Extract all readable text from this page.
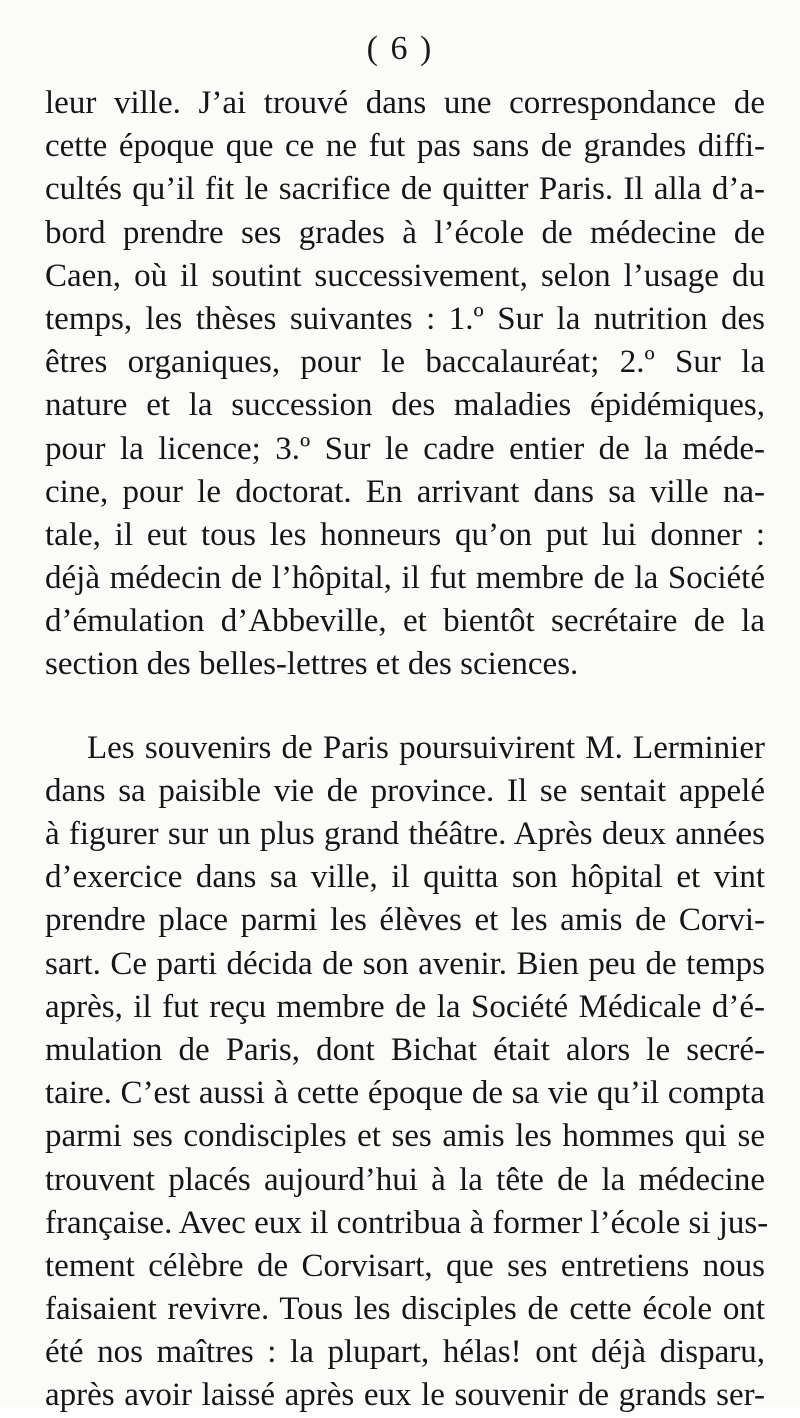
( 6 )
leur ville. J’ai trouvé dans une correspondance de
cette époque que ce ne fut pas sans de grandes diffi-
cultés qu’il fit le sacrifice de quitter Paris. Il alla d’a-
bord prendre ses grades à l’école de médecine de
Caen, où il soutint successivement, selon l’usage du
temps, les thèses suivantes : 1.º Sur la nutrition des
êtres organiques, pour le baccalauréat; 2.º Sur la
nature et la succession des maladies épidémiques,
pour la licence; 3.º Sur le cadre entier de la méde-
cine, pour le doctorat. En arrivant dans sa ville na-
tale, il eut tous les honneurs qu’on put lui donner :
déjà médecin de l’hôpital, il fut membre de la Société
d’émulation d’Abbeville, et bientôt secrétaire de la
section des belles-lettres et des sciences.
Les souvenirs de Paris poursuivirent M. Lerminier
dans sa paisible vie de province. Il se sentait appelé
à figurer sur un plus grand théâtre. Après deux années
d’exercice dans sa ville, il quitta son hôpital et vint
prendre place parmi les élèves et les amis de Corvi-
sart. Ce parti décida de son avenir. Bien peu de temps
après, il fut reçu membre de la Société Médicale d’é-
mulation de Paris, dont Bichat était alors le secré-
taire. C’est aussi à cette époque de sa vie qu’il compta
parmi ses condisciples et ses amis les hommes qui se
trouvent placés aujourd’hui à la tête de la médecine
française. Avec eux il contribua à former l’école si jus-
tement célèbre de Corvisart, que ses entretiens nous
faisaient revivre. Tous les disciples de cette école ont
été nos maîtres : la plupart, hélas! ont déjà disparu,
après avoir laissé après eux le souvenir de grands ser-
